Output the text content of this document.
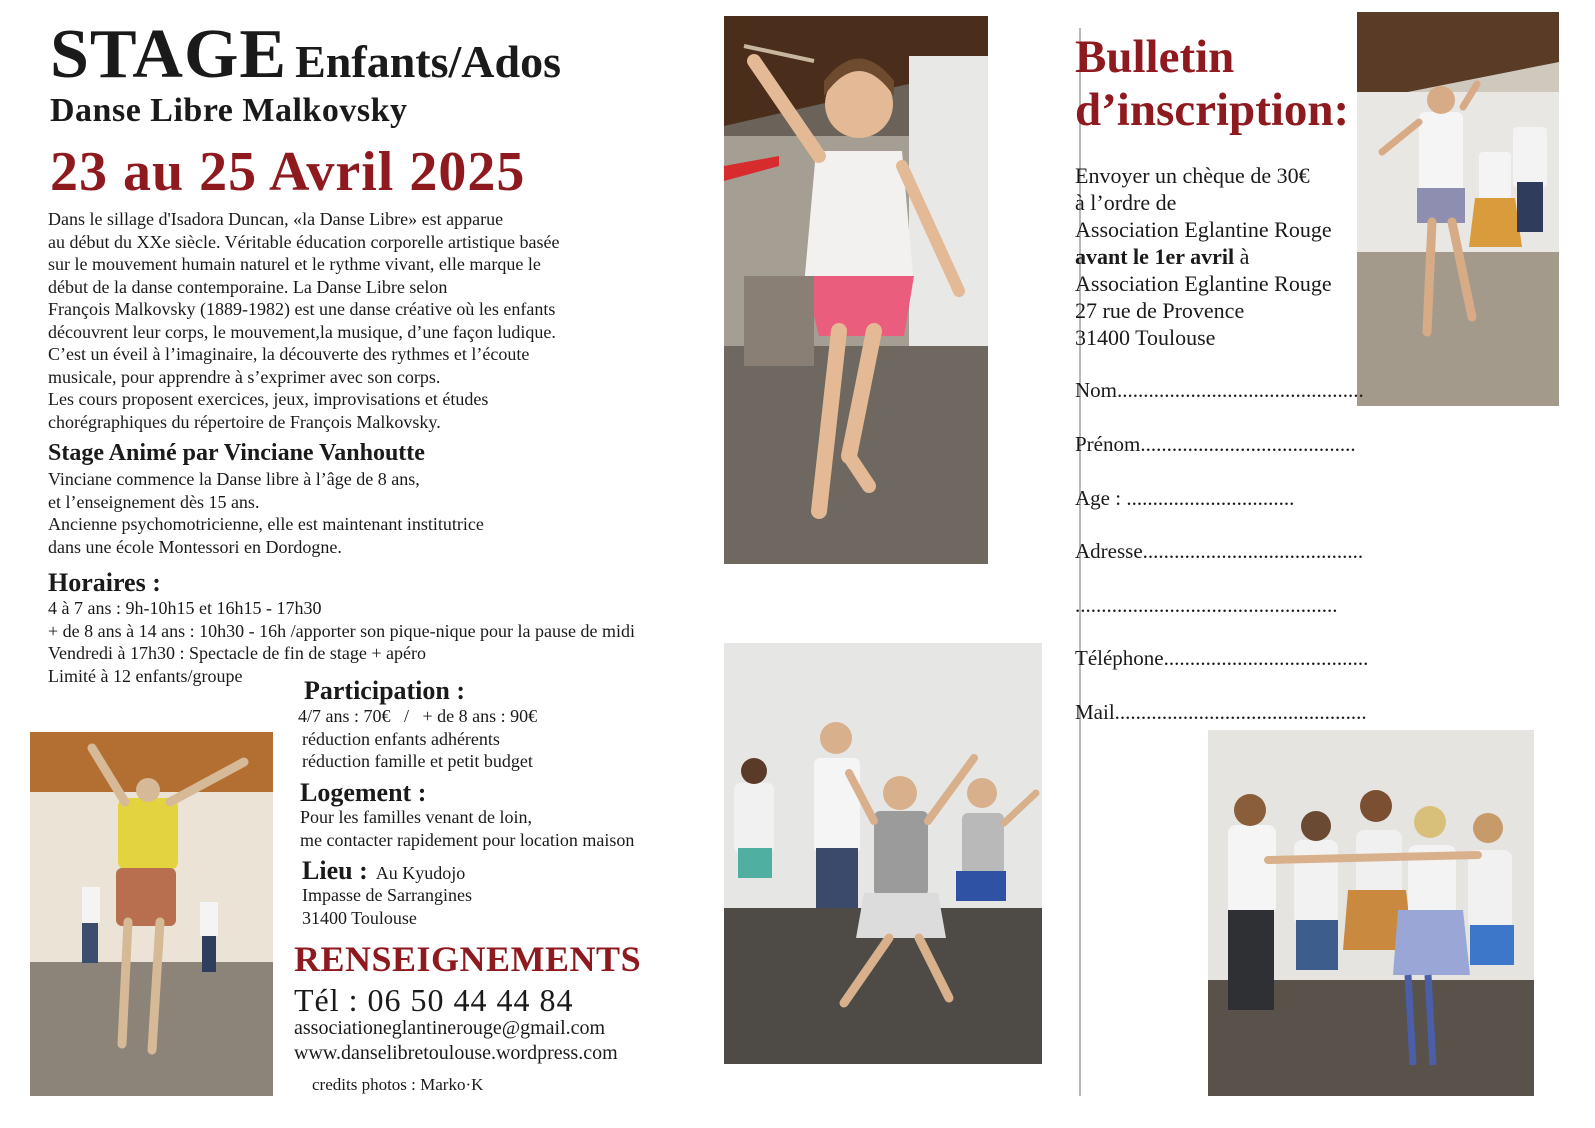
STAGE Enfants/Ados
Danse Libre Malkovsky
23 au 25 Avril 2025
Dans le sillage d'Isadora Duncan, «la Danse Libre» est apparue
au début du XXe siècle. Véritable éducation corporelle artistique basée
sur le mouvement humain naturel et le rythme vivant, elle marque le
début de la danse contemporaine. La Danse Libre selon
François Malkovsky (1889-1982) est une danse créative où les enfants
découvrent leur corps, le mouvement,la musique, d’une façon ludique.
C’est un éveil à l’imaginaire, la découverte des rythmes et l’écoute
musicale, pour apprendre à s’exprimer avec son corps.
Les cours proposent exercices, jeux, improvisations et études
chorégraphiques du répertoire de François Malkovsky.
Stage Animé par Vinciane Vanhoutte
Vinciane commence la Danse libre à l’âge de 8 ans,
et l’enseignement dès 15 ans.
Ancienne psychomotricienne, elle est maintenant institutrice
dans une école Montessori en Dordogne.
Horaires :
4 à 7 ans : 9h-10h15 et 16h15 - 17h30
+ de 8 ans à 14 ans : 10h30 - 16h /apporter son pique-nique pour la pause de midi
Vendredi à 17h30 : Spectacle de fin de stage + apéro
Limité à 12 enfants/groupe
Participation :
4/7 ans : 70€   /   + de 8 ans : 90€
réduction enfants adhérents
réduction famille et petit budget
Logement :
Pour les familles venant de loin,
me contacter rapidement pour location maison
Lieu : Au Kyudojo
Impasse de Sarrangines
31400 Toulouse
RENSEIGNEMENTS
Tél : 06 50 44 44 84
associationeglantinerouge@gmail.com
www.danselibretoulouse.wordpress.com
credits photos : Marko·K
Bulletin
d’inscription:
Envoyer un chèque de 30€
à l’ordre de
Association Eglantine Rouge
avant le 1er avril à
Association Eglantine Rouge
27 rue de Provence
31400 Toulouse
Nom...............................................
Prénom.........................................
Age : ................................
Adresse..........................................
..................................................
Téléphone.......................................
Mail................................................
